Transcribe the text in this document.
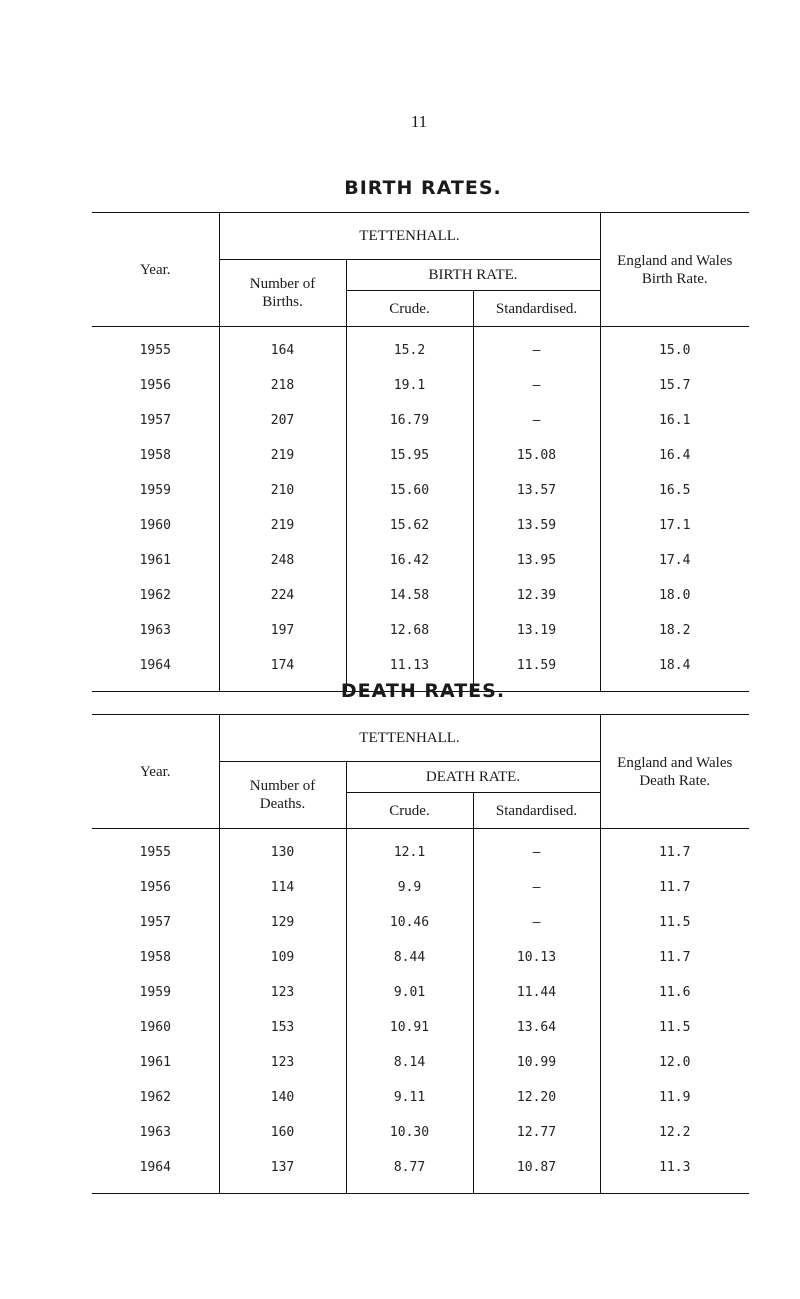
11
BIRTH RATES.
Year.	TETTENHALL.			England and Wales Birth Rate.
	Number of Births.	BIRTH RATE.		
		Crude.	Standardised.	
1955	164	15.2	—	15.0
1956	218	19.1	—	15.7
1957	207	16.79	—	16.1
1958	219	15.95	15.08	16.4
1959	210	15.60	13.57	16.5
1960	219	15.62	13.59	17.1
1961	248	16.42	13.95	17.4
1962	224	14.58	12.39	18.0
1963	197	12.68	13.19	18.2
1964	174	11.13	11.59	18.4
DEATH RATES.
Year.	TETTENHALL.			England and Wales Death Rate.
	Number of Deaths.	DEATH RATE.		
		Crude.	Standardised.	
1955	130	12.1	—	11.7
1956	114	9.9	—	11.7
1957	129	10.46	—	11.5
1958	109	8.44	10.13	11.7
1959	123	9.01	11.44	11.6
1960	153	10.91	13.64	11.5
1961	123	8.14	10.99	12.0
1962	140	9.11	12.20	11.9
1963	160	10.30	12.77	12.2
1964	137	8.77	10.87	11.3
